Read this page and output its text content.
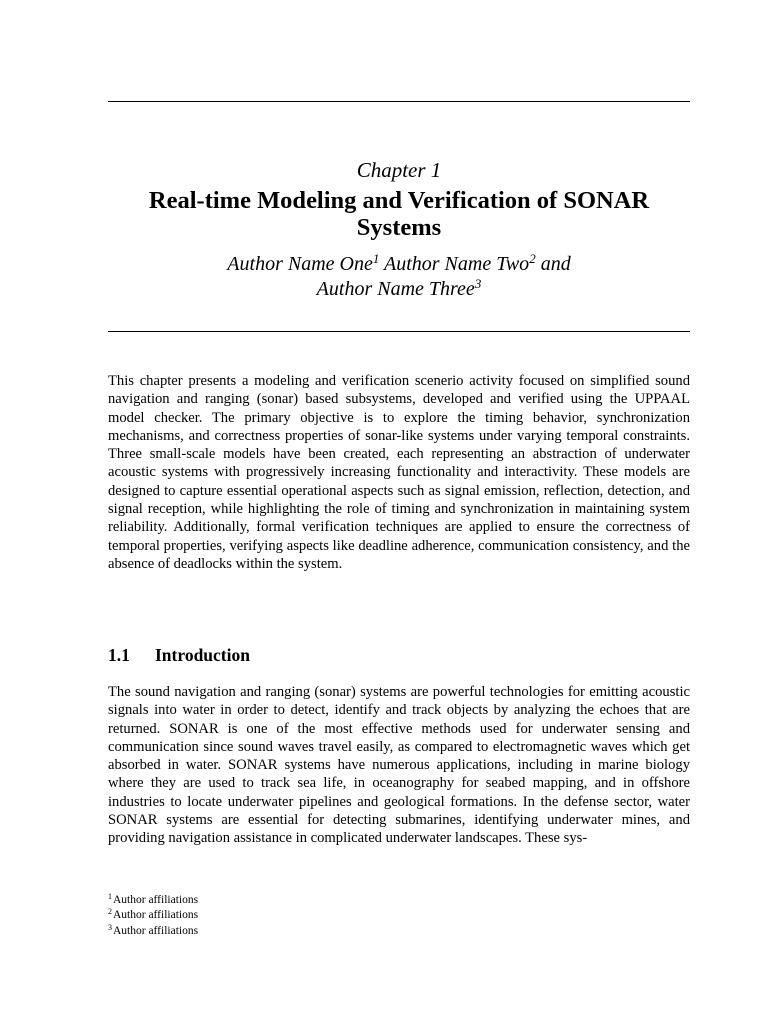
Chapter 1
Real-time Modeling and Verification of SONAR
Systems
Author Name One$^1$ Author Name Two$^2$ and
Author Name Three$^3$

This chapter presents a modeling and verification scenerio activity focused on simplified sound navigation and ranging (sonar) based subsystems, developed and verified using the UPPAAL model checker. The primary objective is to explore the timing behavior, synchronization mechanisms, and correctness properties of sonar-like systems under varying temporal constraints. Three small-scale models have been created, each representing an abstraction of underwater acoustic systems with progressively increasing functionality and interactivity. These models are designed to capture essential operational aspects such as signal emission, reflection, detection, and signal reception, while highlighting the role of timing and synchronization in maintaining system reliability. Additionally, formal verification techniques are applied to ensure the correctness of temporal properties, verifying aspects like deadline adherence, communication consistency, and the absence of deadlocks within the system.

1.1 Introduction

The sound navigation and ranging (sonar) systems are powerful technologies for emitting acoustic signals into water in order to detect, identify and track objects by analyzing the echoes that are returned. SONAR is one of the most effective methods used for underwater sensing and communication since sound waves travel easily, as compared to electromagnetic waves which get absorbed in water. SONAR systems have numerous applications, including in marine biology where they are used to track sea life, in oceanography for seabed mapping, and in offshore industries to locate underwater pipelines and geological formations. In the defense sector, water SONAR systems are essential for detecting submarines, identifying underwater mines, and providing navigation assistance in complicated underwater landscapes. These sys-

$^1$Author affiliations
$^2$Author affiliations
$^3$Author affiliations
